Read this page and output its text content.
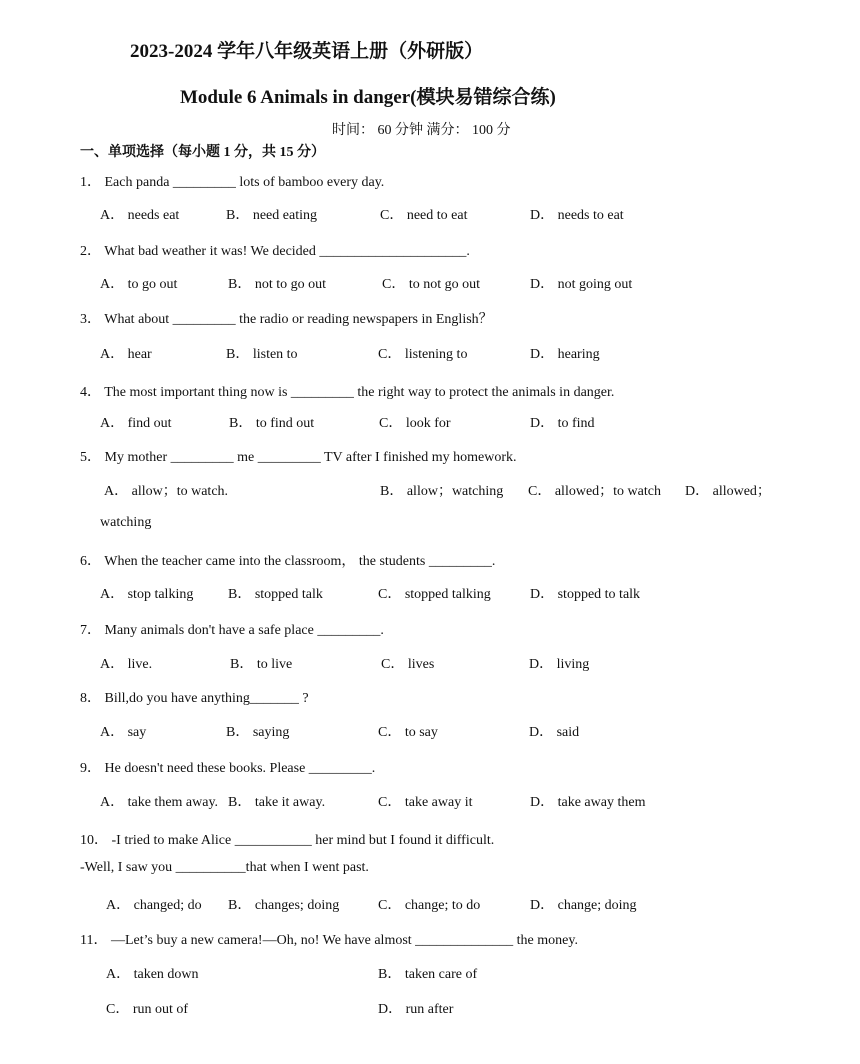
2023-2024 学年八年级英语上册（外研版）
Module 6 Animals in danger(模块易错综合练)
时间： 60 分钟 满分： 100 分
一、单项选择（每小题 1 分，共 15 分）
1． Each panda _________ lots of bamboo every day.
A． needs eat	B． need eating	C． need to eat	D． needs to eat
2． What bad weather it was! We decided _____________________.
A． to go out	B． not to go out	C． to not go out	D． not going out
3． What about _________ the radio or reading newspapers in English？
A． hear	B． listen to	C． listening to	D． hearing
4． The most important thing now is _________ the right way to protect the animals in danger.
A． find out	B． to find out	C． look for	D． to find
5． My mother _________ me _________ TV after I finished my homework.
A． allow；to watch.	B． allow；watching C． allowed；to watch D． allowed；
watching
6． When the teacher came into the classroom， the students _________.
A． stop talking B． stopped talk	C． stopped talking	D． stopped to talk
7． Many animals don't have a safe place _________.
A． live.	B． to live	C． lives	D． living
8． Bill,do you have anything_______ ?
A． say	B． saying	C． to say	D． said
9． He doesn't need these books. Please _________.
A． take them away. B． take it away.	C． take away it	D． take away them
10． -I tried to make Alice ___________ her mind but I found it difficult.
-Well, I saw you __________that when I went past.
A． changed; do B． changes; doing	C． change; to do	D． change; doing
11． —Let’s buy a new camera!—Oh, no! We have almost ______________ the money.
A． taken down	B． taken care of
C． run out of	D． run after
